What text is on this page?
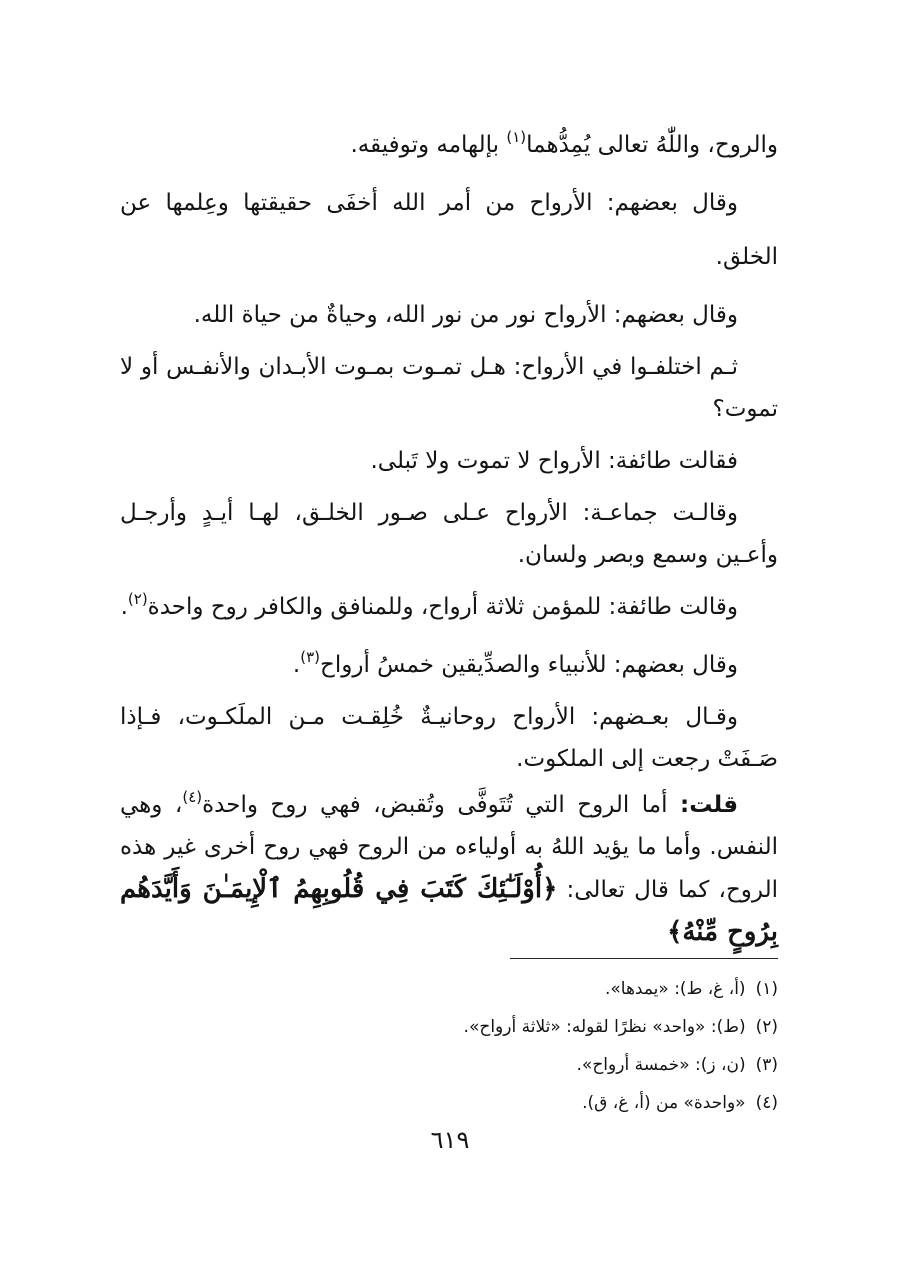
والروح، واللّٰهُ تعالى يُمِدُّهما$^{(١)}$ بإلهامه وتوفيقه.

وقال بعضهم: الأرواح من أمر الله أخفَى حقيقتها وعِلمها عن الخلق.

وقال بعضهم: الأرواح نور من نور الله، وحياةٌ من حياة الله.

ثـم اختلفـوا في الأرواح: هـل تمـوت بمـوت الأبـدان والأنفـس أو لا تموت؟

فقالت طائفة: الأرواح لا تموت ولا تَبلى.

وقالـت جماعـة: الأرواح عـلى صـور الخلـق، لهـا أيـدٍ وأرجـل وأعـين وسمع وبصر ولسان.

وقالت طائفة: للمؤمن ثلاثة أرواح، وللمنافق والكافر روح واحدة$^{(٢)}$.

وقال بعضهم: للأنبياء والصدِّيقين خمسُ أرواح$^{(٣)}$.

وقـال بعـضهم: الأرواح روحانيـةٌ خُلِقـت مـن الملَكـوت، فـإذا صَـفَتْ رجعت إلى الملكوت.

قلت: أما الروح التي تُتَوفَّى وتُقبض، فهي روح واحدة$^{(٤)}$، وهي النفس. وأما ما يؤيد اللهُ به أولياءه من الروح فهي روح أخرى غير هذه الروح، كما قال تعالى: ﴿أُوْلَـٰٓئِكَ كَتَبَ فِي قُلُوبِهِمُ ٱلْإِيمَـٰنَ وَأَيَّدَهُم بِرُوحٍ مِّنْهُ﴾

(١)(أ، غ، ط): «يمدها».

(٢)(ط): «واحد» نظرًا لقوله: «ثلاثة أرواح».

(٣)(ن، ز): «خمسة أرواح».

(٤)«واحدة» من (أ، غ، ق).

٦١٩
